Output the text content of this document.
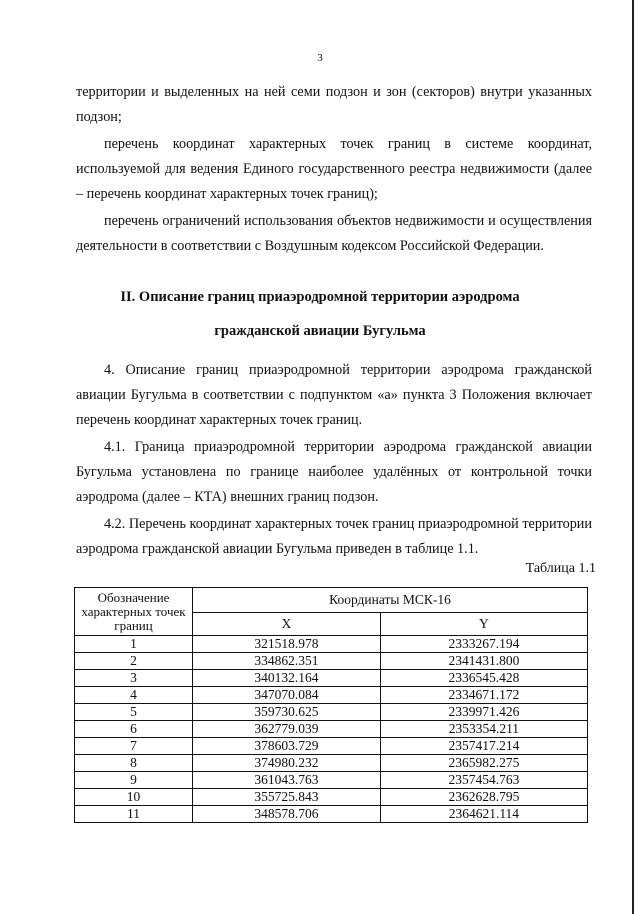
3

территории и выделенных на ней семи подзон и зон (секторов) внутри указанных подзон;

перечень координат характерных точек границ в системе координат, используемой для ведения Единого государственного реестра недвижимости (далее – перечень координат характерных точек границ);

перечень ограничений использования объектов недвижимости и осуществления деятельности в соответствии с Воздушным кодексом Российской Федерации.

II. Описание границ приаэродромной территории аэродрома
гражданской авиации Бугульма

4. Описание границ приаэродромной территории аэродрома гражданской авиации Бугульма в соответствии с подпунктом «а» пункта 3 Положения включает перечень координат характерных точек границ.

4.1. Граница приаэродромной территории аэродрома гражданской авиации Бугульма установлена по границе наиболее удалённых от контрольной точки аэродрома (далее – КТА) внешних границ подзон.

4.2. Перечень координат характерных точек границ приаэродромной территории аэродрома гражданской авиации Бугульма приведен в таблице 1.1.

Таблица 1.1
Обозначение характерных точек границ	Координаты МСК-16	
	X	Y
1	321518.978	2333267.194
2	334862.351	2341431.800
3	340132.164	2336545.428
4	347070.084	2334671.172
5	359730.625	2339971.426
6	362779.039	2353354.211
7	378603.729	2357417.214
8	374980.232	2365982.275
9	361043.763	2357454.763
10	355725.843	2362628.795
11	348578.706	2364621.114
